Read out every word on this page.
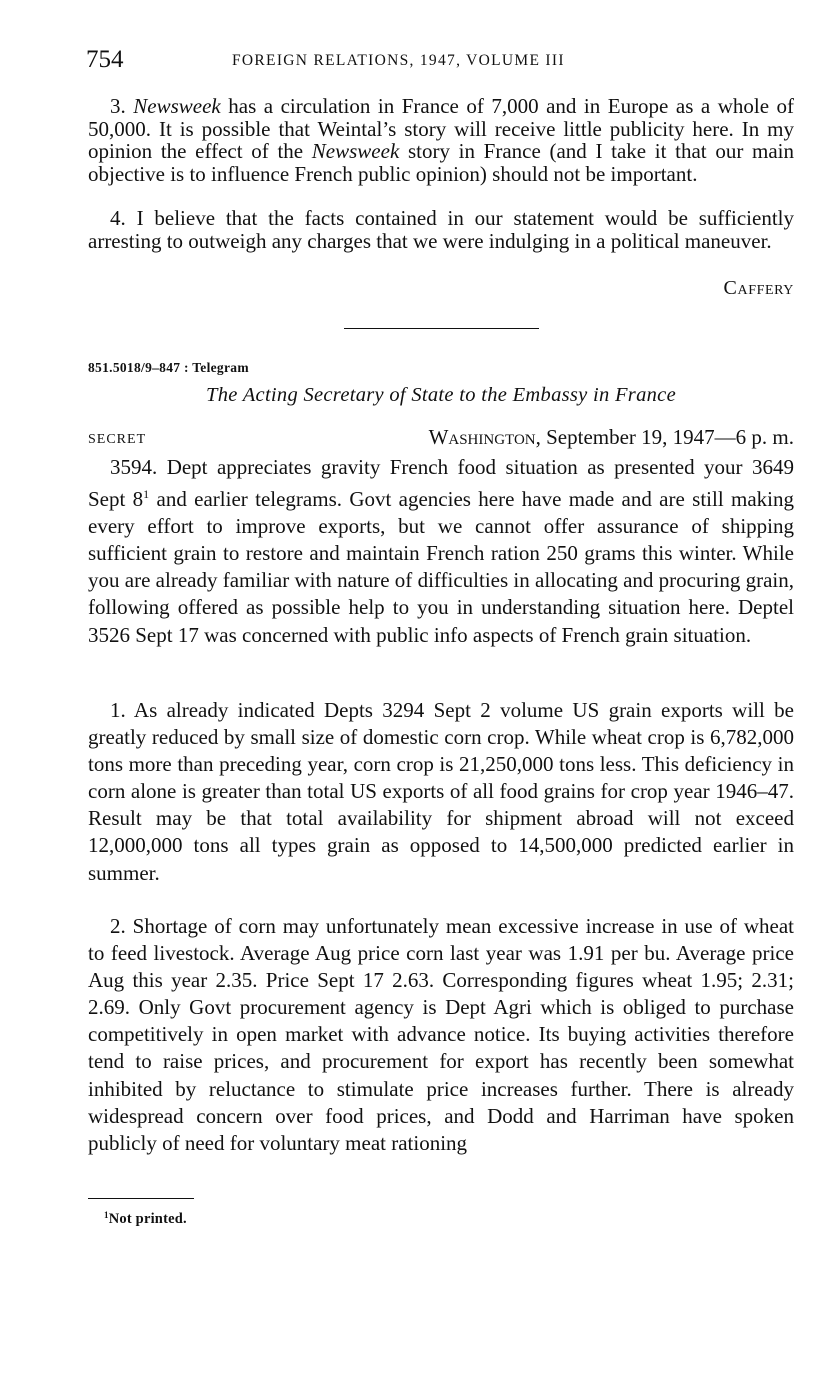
754	FOREIGN RELATIONS, 1947, VOLUME III

3. Newsweek has a circulation in France of 7,000 and in Europe as a whole of 50,000. It is possible that Weintal’s story will receive little publicity here. In my opinion the effect of the Newsweek story in France (and I take it that our main objective is to influence French public opinion) should not be important.

4. I believe that the facts contained in our statement would be sufficiently arresting to outweigh any charges that we were indulging in a political maneuver.

Caffery
851.5018/9–847 : Telegram
The Acting Secretary of State to the Embassy in France
SECRET	Washington, September 19, 1947—6 p. m.

3594. Dept appreciates gravity French food situation as presented your 3649 Sept $8^1$ and earlier telegrams. Govt agencies here have made and are still making every effort to improve exports, but we cannot offer assurance of shipping sufficient grain to restore and maintain French ration 250 grams this winter. While you are already familiar with nature of difficulties in allocating and procuring grain, following offered as possible help to you in understanding situation here. Deptel 3526 Sept 17 was concerned with public info aspects of French grain situation.

1. As already indicated Depts 3294 Sept 2 volume US grain exports will be greatly reduced by small size of domestic corn crop. While wheat crop is 6,782,000 tons more than preceding year, corn crop is 21,250,000 tons less. This deficiency in corn alone is greater than total US exports of all food grains for crop year 1946–47. Result may be that total availability for shipment abroad will not exceed 12,000,000 tons all types grain as opposed to 14,500,000 predicted earlier in summer.

2. Shortage of corn may unfortunately mean excessive increase in use of wheat to feed livestock. Average Aug price corn last year was 1.91 per bu. Average price Aug this year 2.35. Price Sept 17 2.63. Corresponding figures wheat 1.95; 2.31; 2.69. Only Govt procurement agency is Dept Agri which is obliged to purchase competitively in open market with advance notice. Its buying activities therefore tend to raise prices, and procurement for export has recently been somewhat inhibited by reluctance to stimulate price increases further. There is already widespread concern over food prices, and Dodd and Harriman have spoken publicly of need for voluntary meat rationing

$^1$Not printed.
